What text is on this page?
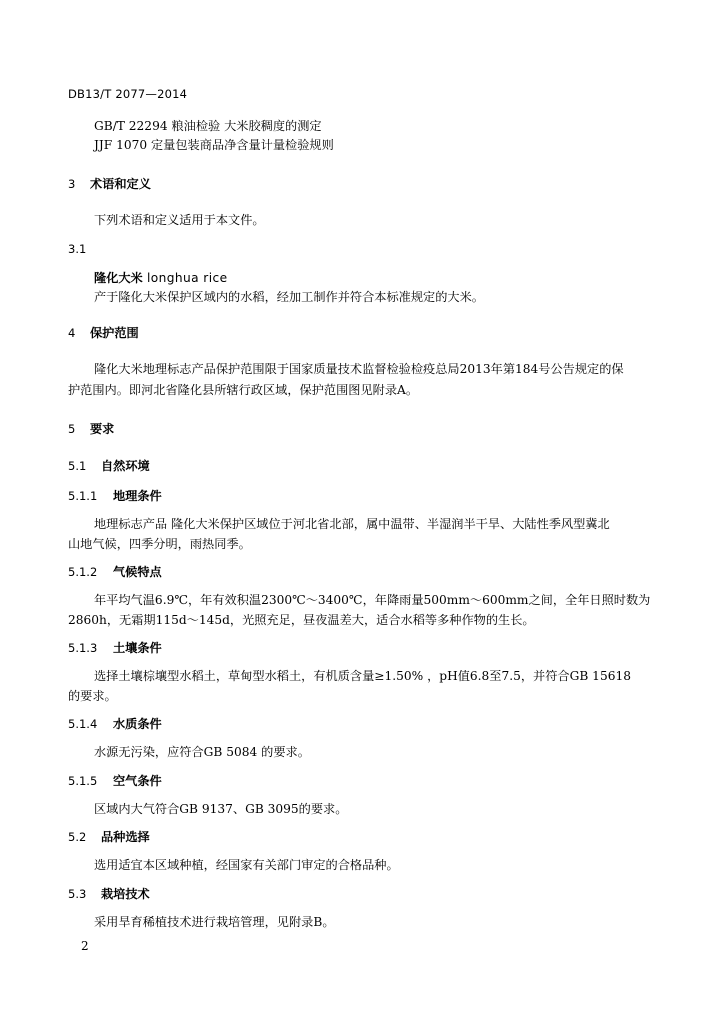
DB13/T 2077—2014
GB/T 22294 粮油检验 大米胶稠度的测定
JJF 1070 定量包装商品净含量计量检验规则
3 术语和定义
下列术语和定义适用于本文件。
3.1
隆化大米 longhua rice
产于隆化大米保护区域内的水稻，经加工制作并符合本标准规定的大米。
4 保护范围
隆化大米地理标志产品保护范围限于国家质量技术监督检验检疫总局2013年第184号公告规定的保
护范围内。即河北省隆化县所辖行政区域，保护范围图见附录A。
5 要求
5.1 自然环境
5.1.1 地理条件
地理标志产品 隆化大米保护区域位于河北省北部，属中温带、半湿润半干旱、大陆性季风型冀北
山地气候，四季分明，雨热同季。
5.1.2 气候特点
年平均气温6.9℃，年有效积温2300℃～3400℃，年降雨量500mm～600mm之间，全年日照时数为
2860h，无霜期115d～145d，光照充足，昼夜温差大，适合水稻等多种作物的生长。
5.1.3 土壤条件
选择土壤棕壤型水稻土，草甸型水稻土，有机质含量≥1.50% ，pH值6.8至7.5，并符合GB 15618
的要求。
5.1.4 水质条件
水源无污染，应符合GB 5084 的要求。
5.1.5 空气条件
区域内大气符合GB 9137、GB 3095的要求。
5.2 品种选择
选用适宜本区域种植，经国家有关部门审定的合格品种。
5.3 栽培技术
采用旱育稀植技术进行栽培管理，见附录B。
2
